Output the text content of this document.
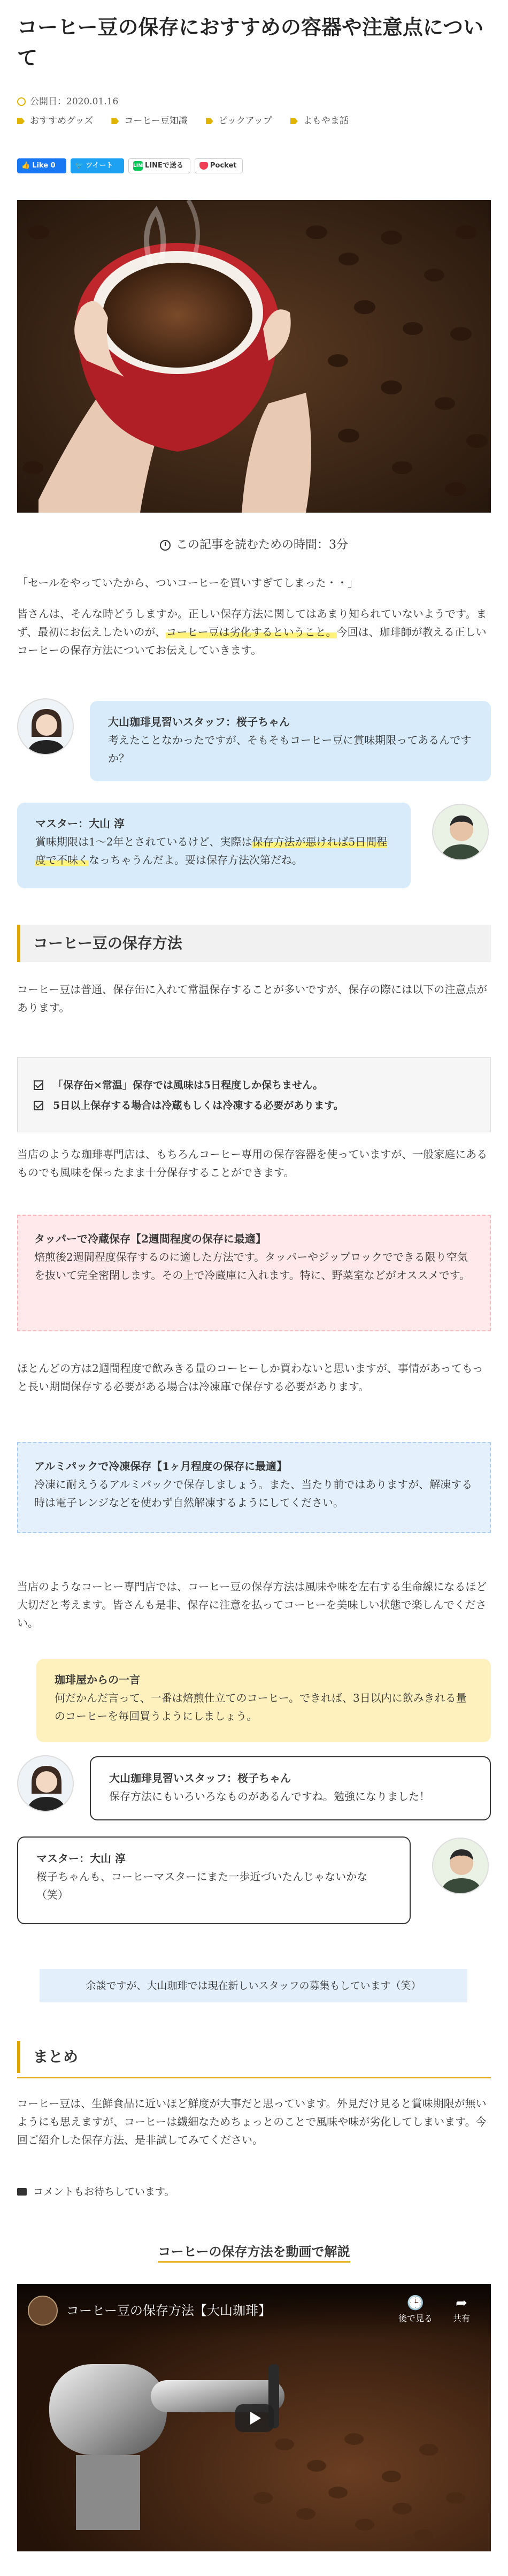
コーヒー豆の保存におすすめの容器や注意点について
公開日：2020.01.16
おすすめグッズ	コーヒー豆知識	ピックアップ	よもやま話
👍 Like 0	🐦 ツイート	LINE LINEで送る	Pocket
この記事を読むための時間：3分

「セールをやっていたから、ついコーヒーを買いすぎてしまった・・」

皆さんは、そんな時どうしますか。正しい保存方法に関してはあまり知られていないようです。まず、最初にお伝えしたいのが、コーヒー豆は劣化するということ。今回は、珈琲師が教える正しいコーヒーの保存方法についてお伝えしていきます。

大山珈琲見習いスタッフ：桜子ちゃん
考えたことなかったですが、そもそもコーヒー豆に賞味期限ってあるんですか？
マスター：大山 淳
賞味期限は1〜2年とされているけど、実際は保存方法が悪ければ5日間程度で不味くなっちゃうんだよ。要は保存方法次第だね。
コーヒー豆の保存方法

コーヒー豆は普通、保存缶に入れて常温保存することが多いですが、保存の際には以下の注意点があります。

「保存缶×常温」保存では風味は5日程度しか保ちません。
5日以上保存する場合は冷蔵もしくは冷凍する必要があります。

当店のような珈琲専門店は、もちろんコーヒー専用の保存容器を使っていますが、一般家庭にあるものでも風味を保ったまま十分保存することができます。

タッパーで冷蔵保存【2週間程度の保存に最適】
焙煎後2週間程度保存するのに適した方法です。タッパーやジップロックでできる限り空気を抜いて完全密閉します。その上で冷蔵庫に入れます。特に、野菜室などがオススメです。

ほとんどの方は2週間程度で飲みきる量のコーヒーしか買わないと思いますが、事情があってもっと長い期間保存する必要がある場合は冷凍庫で保存する必要があります。

アルミパックで冷凍保存【1ヶ月程度の保存に最適】
冷凍に耐えうるアルミパックで保存しましょう。また、当たり前ではありますが、解凍する時は電子レンジなどを使わず自然解凍するようにしてください。

当店のようなコーヒー専門店では、コーヒー豆の保存方法は風味や味を左右する生命線になるほど大切だと考えます。皆さんも是非、保存に注意を払ってコーヒーを美味しい状態で楽しんでください。

珈琲屋からの一言
何だかんだ言って、一番は焙煎仕立てのコーヒー。できれば、3日以内に飲みきれる量のコーヒーを毎回買うようにしましょう。
大山珈琲見習いスタッフ：桜子ちゃん
保存方法にもいろいろなものがあるんですね。勉強になりました！
マスター：大山 淳
桜子ちゃんも、コーヒーマスターにまた一歩近づいたんじゃないかな（笑）
余談ですが、大山珈琲では現在新しいスタッフの募集もしています（笑）
まとめ

コーヒー豆は、生鮮食品に近いほど鮮度が大事だと思っています。外見だけ見ると賞味期限が無いようにも思えますが、コーヒーは繊細なためちょっとのことで風味や味が劣化してしまいます。今回ご紹介した保存方法、是非試してみてください。

コメントもお待ちしています。
コーヒーの保存方法を動画で解説
コーヒー豆の保存方法【大山珈琲】	🕒
後で見る
➦
共有
